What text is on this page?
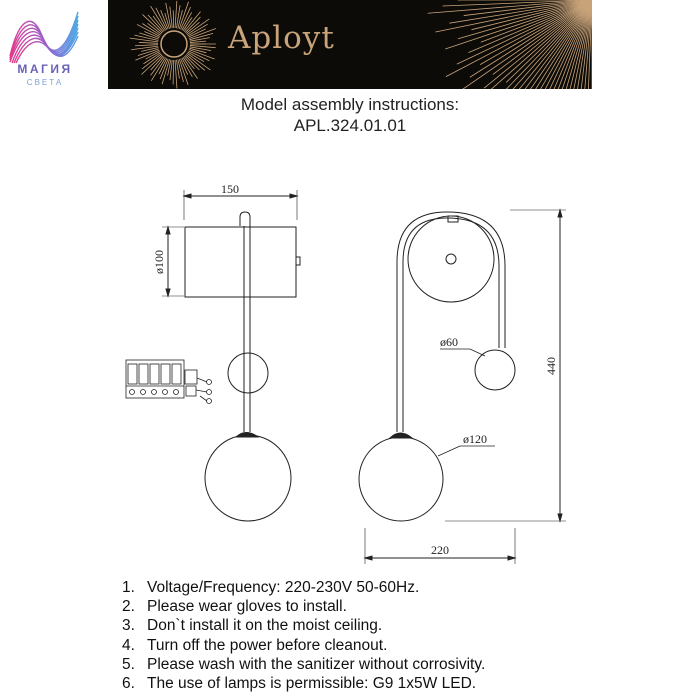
МАГИЯ
СВЕТА
Aployt
Model assembly instructions:
APL.324.01.01
150
ø100
ø60
ø120
440
220
1. Voltage/Frequency: 220-230V 50-60Hz.
2. Please wear gloves to install.
3. Don`t install it on the moist ceiling.
4. Turn off the power before cleanout.
5. Please wash with the sanitizer without corrosivity.
6. The use of lamps is permissible: G9 1x5W LED.
